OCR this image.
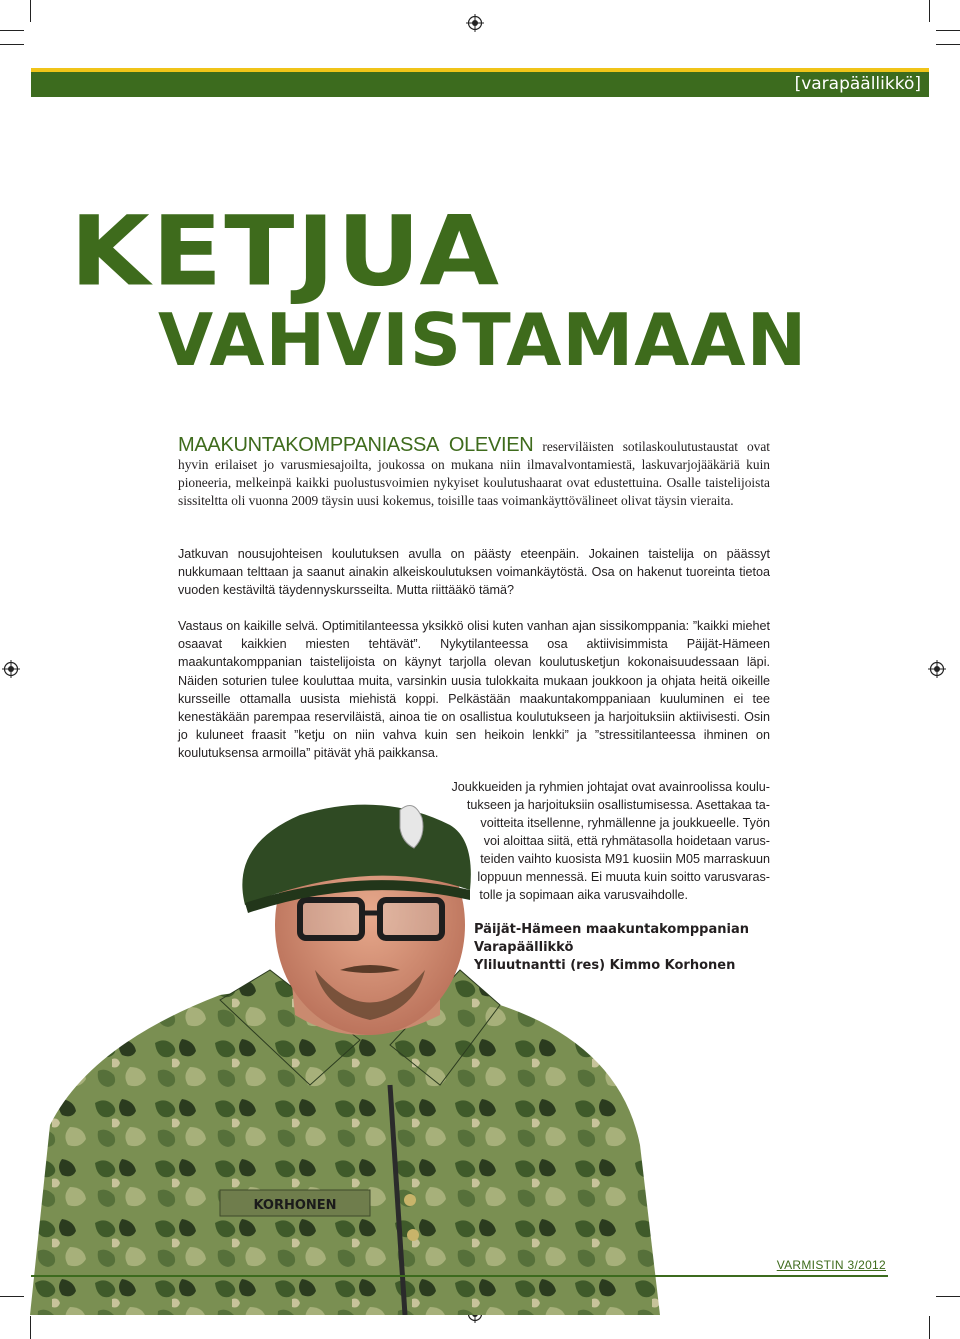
[varapäällikkö]
KETJUA
VAHVISTAMAAN
MAAKUNTAKOMPPANIASSA OLEVIEN reserviläisten sotilaskoulutustaustat ovat hyvin erilaiset jo varusmiesajoilta, joukossa on mukana niin ilmavalvontamiestä, laskuvarjojääkäriä kuin pioneeria, melkeinpä kaikki puolustusvoimien nykyiset koulutushaarat ovat edustettuina. Osalle taistelijoista sissiteltta oli vuonna 2009 täysin uusi kokemus, toisille taas voimankäyttövälineet olivat täysin vieraita.
Jatkuvan nousujohteisen koulutuksen avulla on päästy eteenpäin. Jokainen taistelija on päässyt nukkumaan telttaan ja saanut ainakin alkeiskoulutuksen voimankäytöstä. Osa on hakenut tuoreinta tietoa vuoden kestäviltä täydennyskursseilta. Mutta riittääkö tämä?
Vastaus on kaikille selvä. Optimitilanteessa yksikkö olisi kuten vanhan ajan sissikomppania: ”kaikki miehet osaavat kaikkien miesten tehtävät”. Nykytilanteessa osa aktiivisimmista Päijät-Hämeen maakuntakomppanian taistelijoista on käynyt tarjolla olevan koulutusketjun kokonaisuudessaan läpi. Näiden soturien tulee kouluttaa muita, varsinkin uusia tulokkaita mukaan joukkoon ja ohjata heitä oikeille kursseille ottamalla uusista miehistä koppi. Pelkästään maakuntakomppaniaan kuuluminen ei tee kenestäkään parempaa reserviläistä, ainoa tie on osallistua koulutukseen ja harjoituksiin aktiivisesti. Osin jo kuluneet fraasit ”ketju on niin vahva kuin sen heikoin lenkki” ja ”stressitilanteessa ihminen on koulutuksensa armoilla” pitävät yhä paikkansa.
Joukkueiden ja ryhmien johtajat ovat avainroolissa koulu-
tukseen ja harjoituksiin osallistumisessa. Asettakaa ta-
voitteita itsellenne, ryhmällenne ja joukkueelle. Työn
voi aloittaa siitä, että ryhmätasolla hoidetaan varus-
teiden vaihto kuosista M91 kuosiin M05 marraskuun
loppuun mennessä. Ei muuta kuin soitto varusvaras-
tolle ja sopimaan aika varusvaihdolle.
Päijät-Hämeen maakuntakomppanian
Varapäällikkö
Yliluutnantti (res) Kimmo Korhonen
KORHONEN
VARMISTIN 3/2012
